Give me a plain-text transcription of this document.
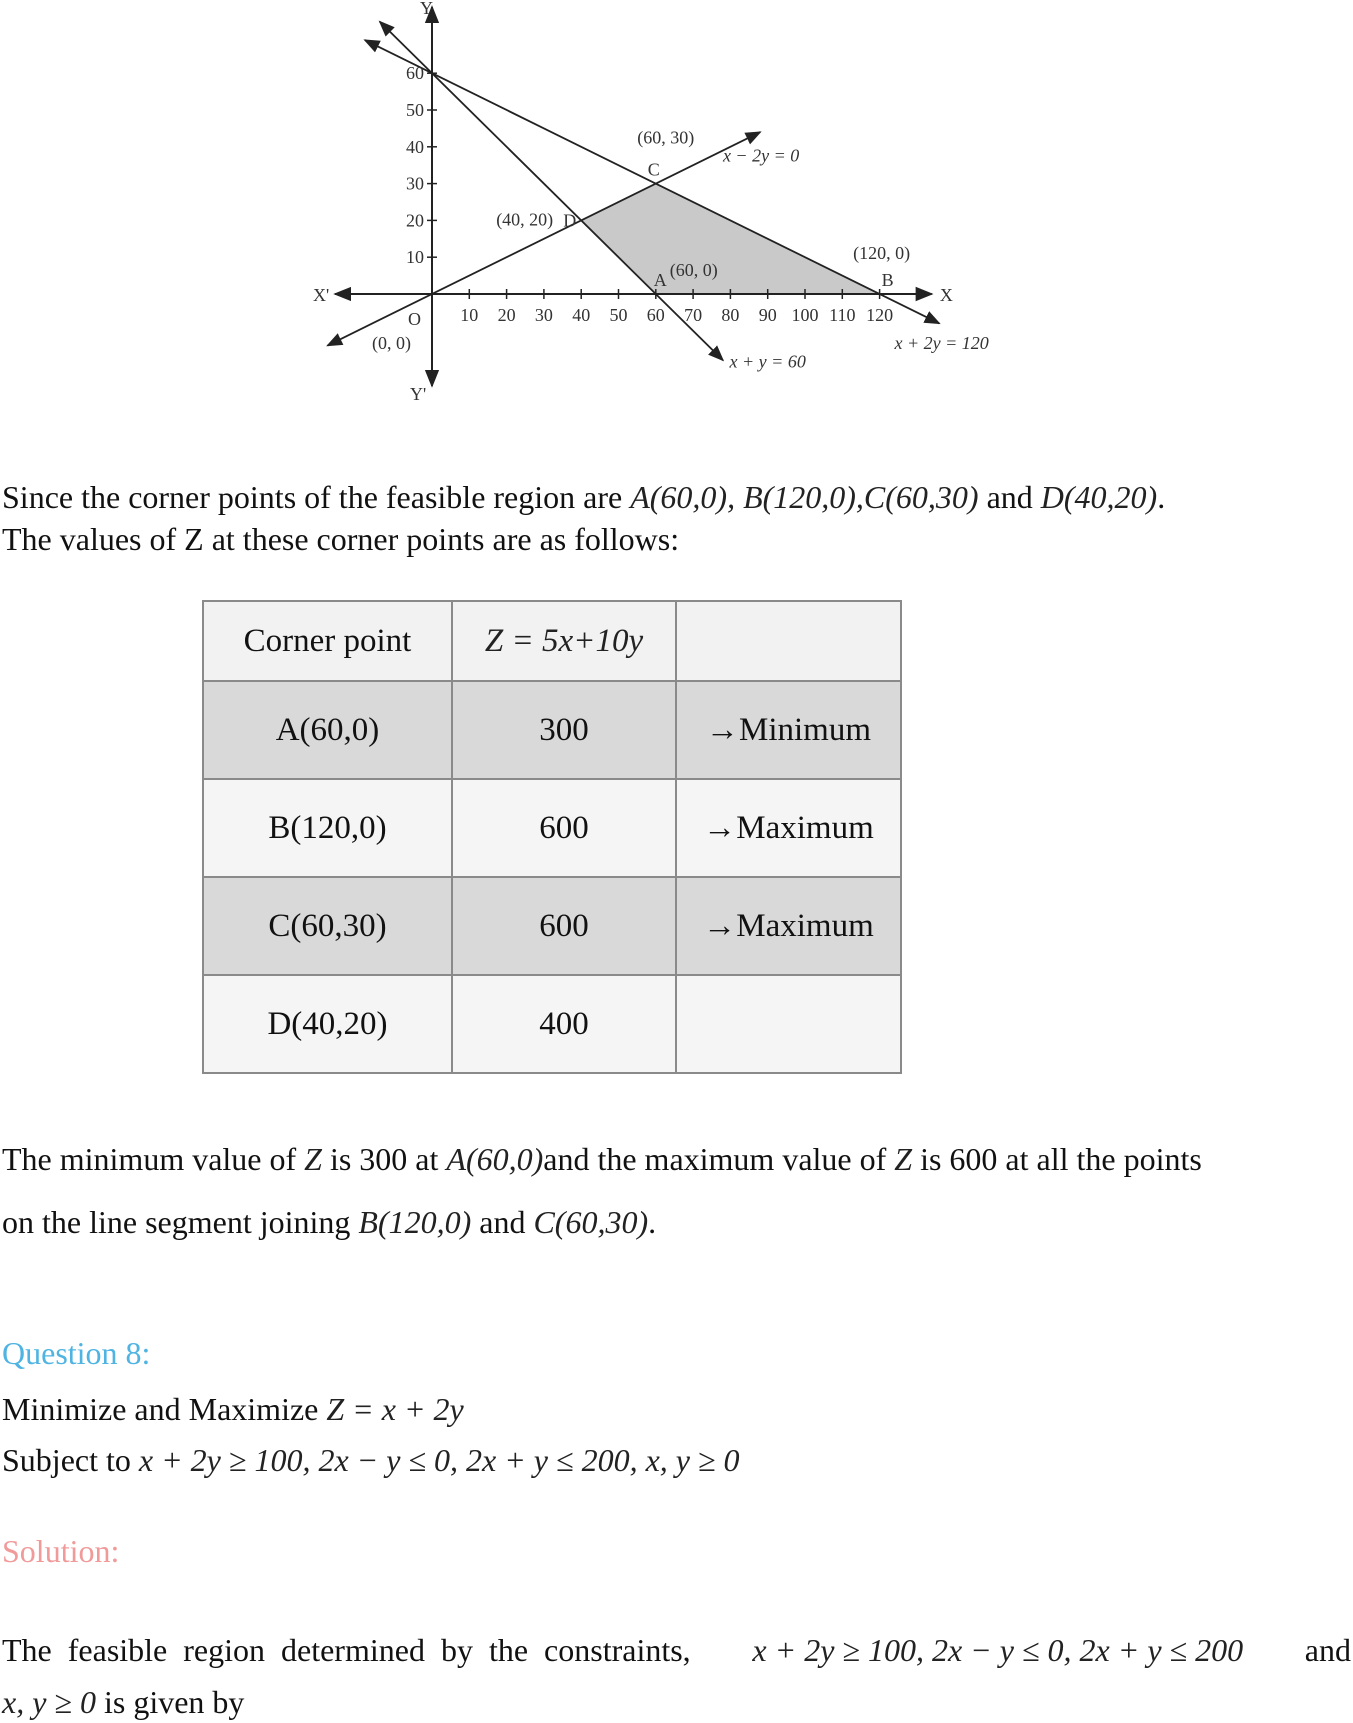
10 20 30 40 50 60 70 80 90 100 110 120
10
20
30
40
50
60
X
X'
Y
Y'
O
(0, 0)
x + y = 60
x + 2y = 120
x − 2y = 0
A (60, 0)	B
(120, 0)
C
(60, 30)
D
(40, 20)
Since the corner points of the feasible region are A(60,0), B(120,0),C(60,30) and D(40,20).
The values of Z at these corner points are as follows:
Corner point	Z = 5x+10y	
A(60,0)	300	→Minimum
B(120,0)	600	→Maximum
C(60,30)	600	→Maximum
D(40,20)	400	
The minimum value of Z is 300 at A(60,0)and the maximum value of Z is 600 at all the points
on the line segment joining B(120,0) and C(60,30).
Question 8:
Minimize and Maximize Z = x + 2y
Subject to x + 2y ≥ 100, 2x − y ≤ 0, 2x + y ≤ 200, x, y ≥ 0
Solution:
The feasible region determined by the constraints, x + 2y ≥ 100, 2x − y ≤ 0, 2x + y ≤ 200 and
x, y ≥ 0 is given by
